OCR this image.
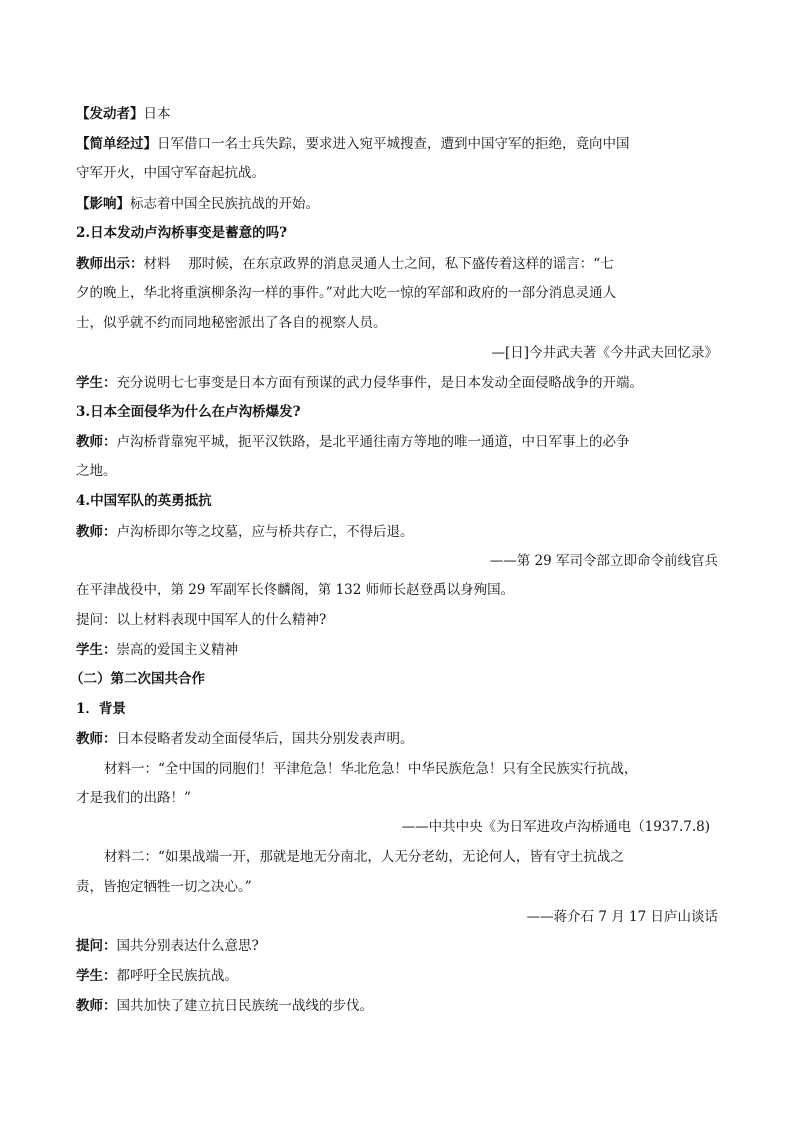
【发动者】日本
【简单经过】日军借口一名士兵失踪，要求进入宛平城搜查，遭到中国守军的拒绝，竟向中国
守军开火，中国守军奋起抗战。
【影响】标志着中国全民族抗战的开始。
2.日本发动卢沟桥事变是蓄意的吗?
教师出示：材料　 那时候，在东京政界的消息灵通人士之间，私下盛传着这样的谣言：“七
夕的晚上，华北将重演柳条沟一样的事件。”对此大吃一惊的军部和政府的一部分消息灵通人
士，似乎就不约而同地秘密派出了各自的视察人员。
—[日]今井武夫著《今井武夫回忆录》
学生：充分说明七七事变是日本方面有预谋的武力侵华事件，是日本发动全面侵略战争的开端。
3.日本全面侵华为什么在卢沟桥爆发?
教师：卢沟桥背靠宛平城，扼平汉铁路，是北平通往南方等地的唯一通道，中日军事上的必争
之地。
4.中国军队的英勇抵抗
教师：卢沟桥即尔等之坟墓，应与桥共存亡，不得后退。
——第 29 军司令部立即命令前线官兵
在平津战役中，第 29 军副军长佟麟阁，第 132 师师长赵登禹以身殉国。
提问：以上材料表现中国军人的什么精神?
学生：崇高的爱国主义精神
（二）第二次国共合作
1．背景
教师：日本侵略者发动全面侵华后，国共分别发表声明。
材料一：“全中国的同胞们！平津危急！华北危急！中华民族危急！只有全民族实行抗战，
才是我们的出路！”
——中共中央《为日军进攻卢沟桥通电（1937.7.8)
材料二：“如果战端一开，那就是地无分南北，人无分老幼，无论何人，皆有守土抗战之
责，皆抱定牺牲一切之决心。”
——蒋介石 7 月 17 日庐山谈话
提问：国共分别表达什么意思?
学生：都呼吁全民族抗战。
教师：国共加快了建立抗日民族统一战线的步伐。
